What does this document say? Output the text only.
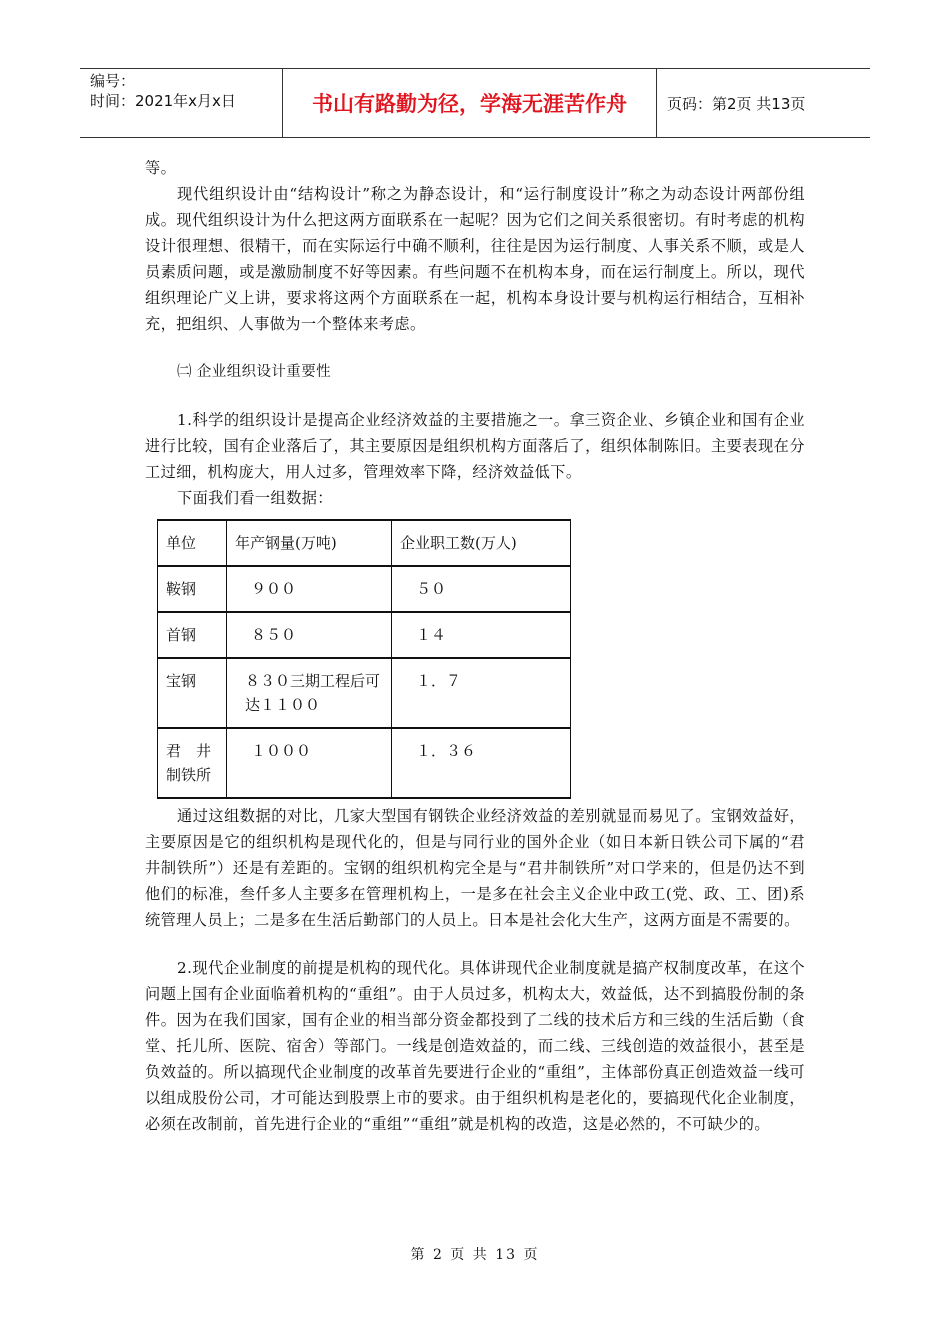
编号：
时间：2021年x月x日	书山有路勤为径，学海无涯苦作舟	页码：第2页 共13页

等。

现代组织设计由“结构设计”称之为静态设计，和“运行制度设计”称之为动态设计两部份组成。现代组织设计为什么把这两方面联系在一起呢？因为它们之间关系很密切。有时考虑的机构设计很理想、很精干，而在实际运行中确不顺利，往往是因为运行制度、人事关系不顺，或是人员素质问题，或是激励制度不好等因素。有些问题不在机构本身，而在运行制度上。所以，现代组织理论广义上讲，要求将这两个方面联系在一起，机构本身设计要与机构运行相结合，互相补充，把组织、人事做为一个整体来考虑。

㈡ 企业组织设计重要性

1.科学的组织设计是提高企业经济效益的主要措施之一。拿三资企业、乡镇企业和国有企业进行比较，国有企业落后了，其主要原因是组织机构方面落后了，组织体制陈旧。主要表现在分工过细，机构庞大，用人过多，管理效率下降，经济效益低下。

下面我们看一组数据：

单位	年产钢量(万吨)	企业职工数(万人)
鞍钢	９００	５０
首钢	８５０	１４
宝钢	８３０三期工程后可达１１００	１．７
君　井制铁所	１０００	１．３６

通过这组数据的对比，几家大型国有钢铁企业经济效益的差别就显而易见了。宝钢效益好，主要原因是它的组织机构是现代化的，但是与同行业的国外企业（如日本新日铁公司下属的“君井制铁所”）还是有差距的。宝钢的组织机构完全是与“君井制铁所”对口学来的，但是仍达不到他们的标准，叁仟多人主要多在管理机构上，一是多在社会主义企业中政工(党、政、工、团)系统管理人员上；二是多在生活后勤部门的人员上。日本是社会化大生产，这两方面是不需要的。

2.现代企业制度的前提是机构的现代化。具体讲现代企业制度就是搞产权制度改革，在这个问题上国有企业面临着机构的“重组”。由于人员过多，机构太大，效益低，达不到搞股份制的条件。因为在我们国家，国有企业的相当部分资金都投到了二线的技术后方和三线的生活后勤（食堂、托儿所、医院、宿舍）等部门。一线是创造效益的，而二线、三线创造的效益很小，甚至是负效益的。所以搞现代企业制度的改革首先要进行企业的“重组”，主体部份真正创造效益一线可以组成股份公司，才可能达到股票上市的要求。由于组织机构是老化的，要搞现代化企业制度，必须在改制前，首先进行企业的“重组”“重组”就是机构的改造，这是必然的，不可缺少的。

第 2 页 共 13 页
